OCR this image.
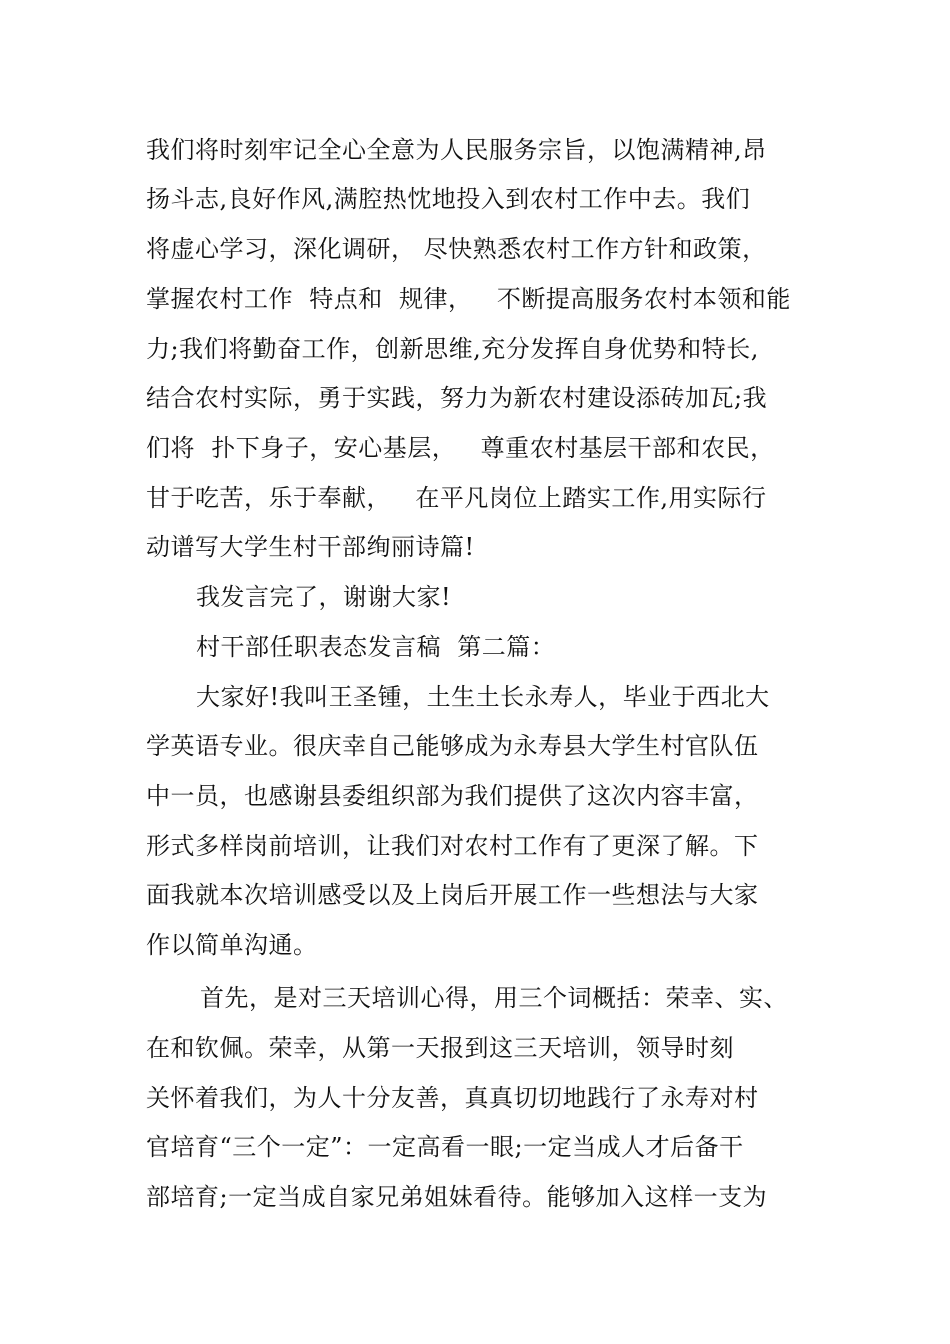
我们将时刻牢记全心全意为人民服务宗旨，以饱满精神,昂
扬斗志,良好作风,满腔热忱地投入到农村工作中去。我们
将虚心学习，深化调研， 尽快熟悉农村工作方针和政策，
掌握农村工作  特点和  规律，   不断提高服务农村本领和能
力;我们将勤奋工作，创新思维,充分发挥自身优势和特长,
结合农村实际，勇于实践，努力为新农村建设添砖加瓦;我
们将  扑下身子，安心基层，   尊重农村基层干部和农民，
甘于吃苦，乐于奉献，   在平凡岗位上踏实工作,用实际行
动谱写大学生村干部绚丽诗篇!
我发言完了，谢谢大家!
村干部任职表态发言稿  第二篇：
大家好!我叫王圣锺，土生土长永寿人，毕业于西北大
学英语专业。很庆幸自己能够成为永寿县大学生村官队伍
中一员，也感谢县委组织部为我们提供了这次内容丰富，
形式多样岗前培训，让我们对农村工作有了更深了解。下
面我就本次培训感受以及上岗后开展工作一些想法与大家
作以简单沟通。
首先，是对三天培训心得，用三个词概括：荣幸、实、
在和钦佩。荣幸，从第一天报到这三天培训，领导时刻
关怀着我们，为人十分友善，真真切切地践行了永寿对村
官培育“三个一定”：一定高看一眼;一定当成人才后备干
部培育;一定当成自家兄弟姐妹看待。能够加入这样一支为
